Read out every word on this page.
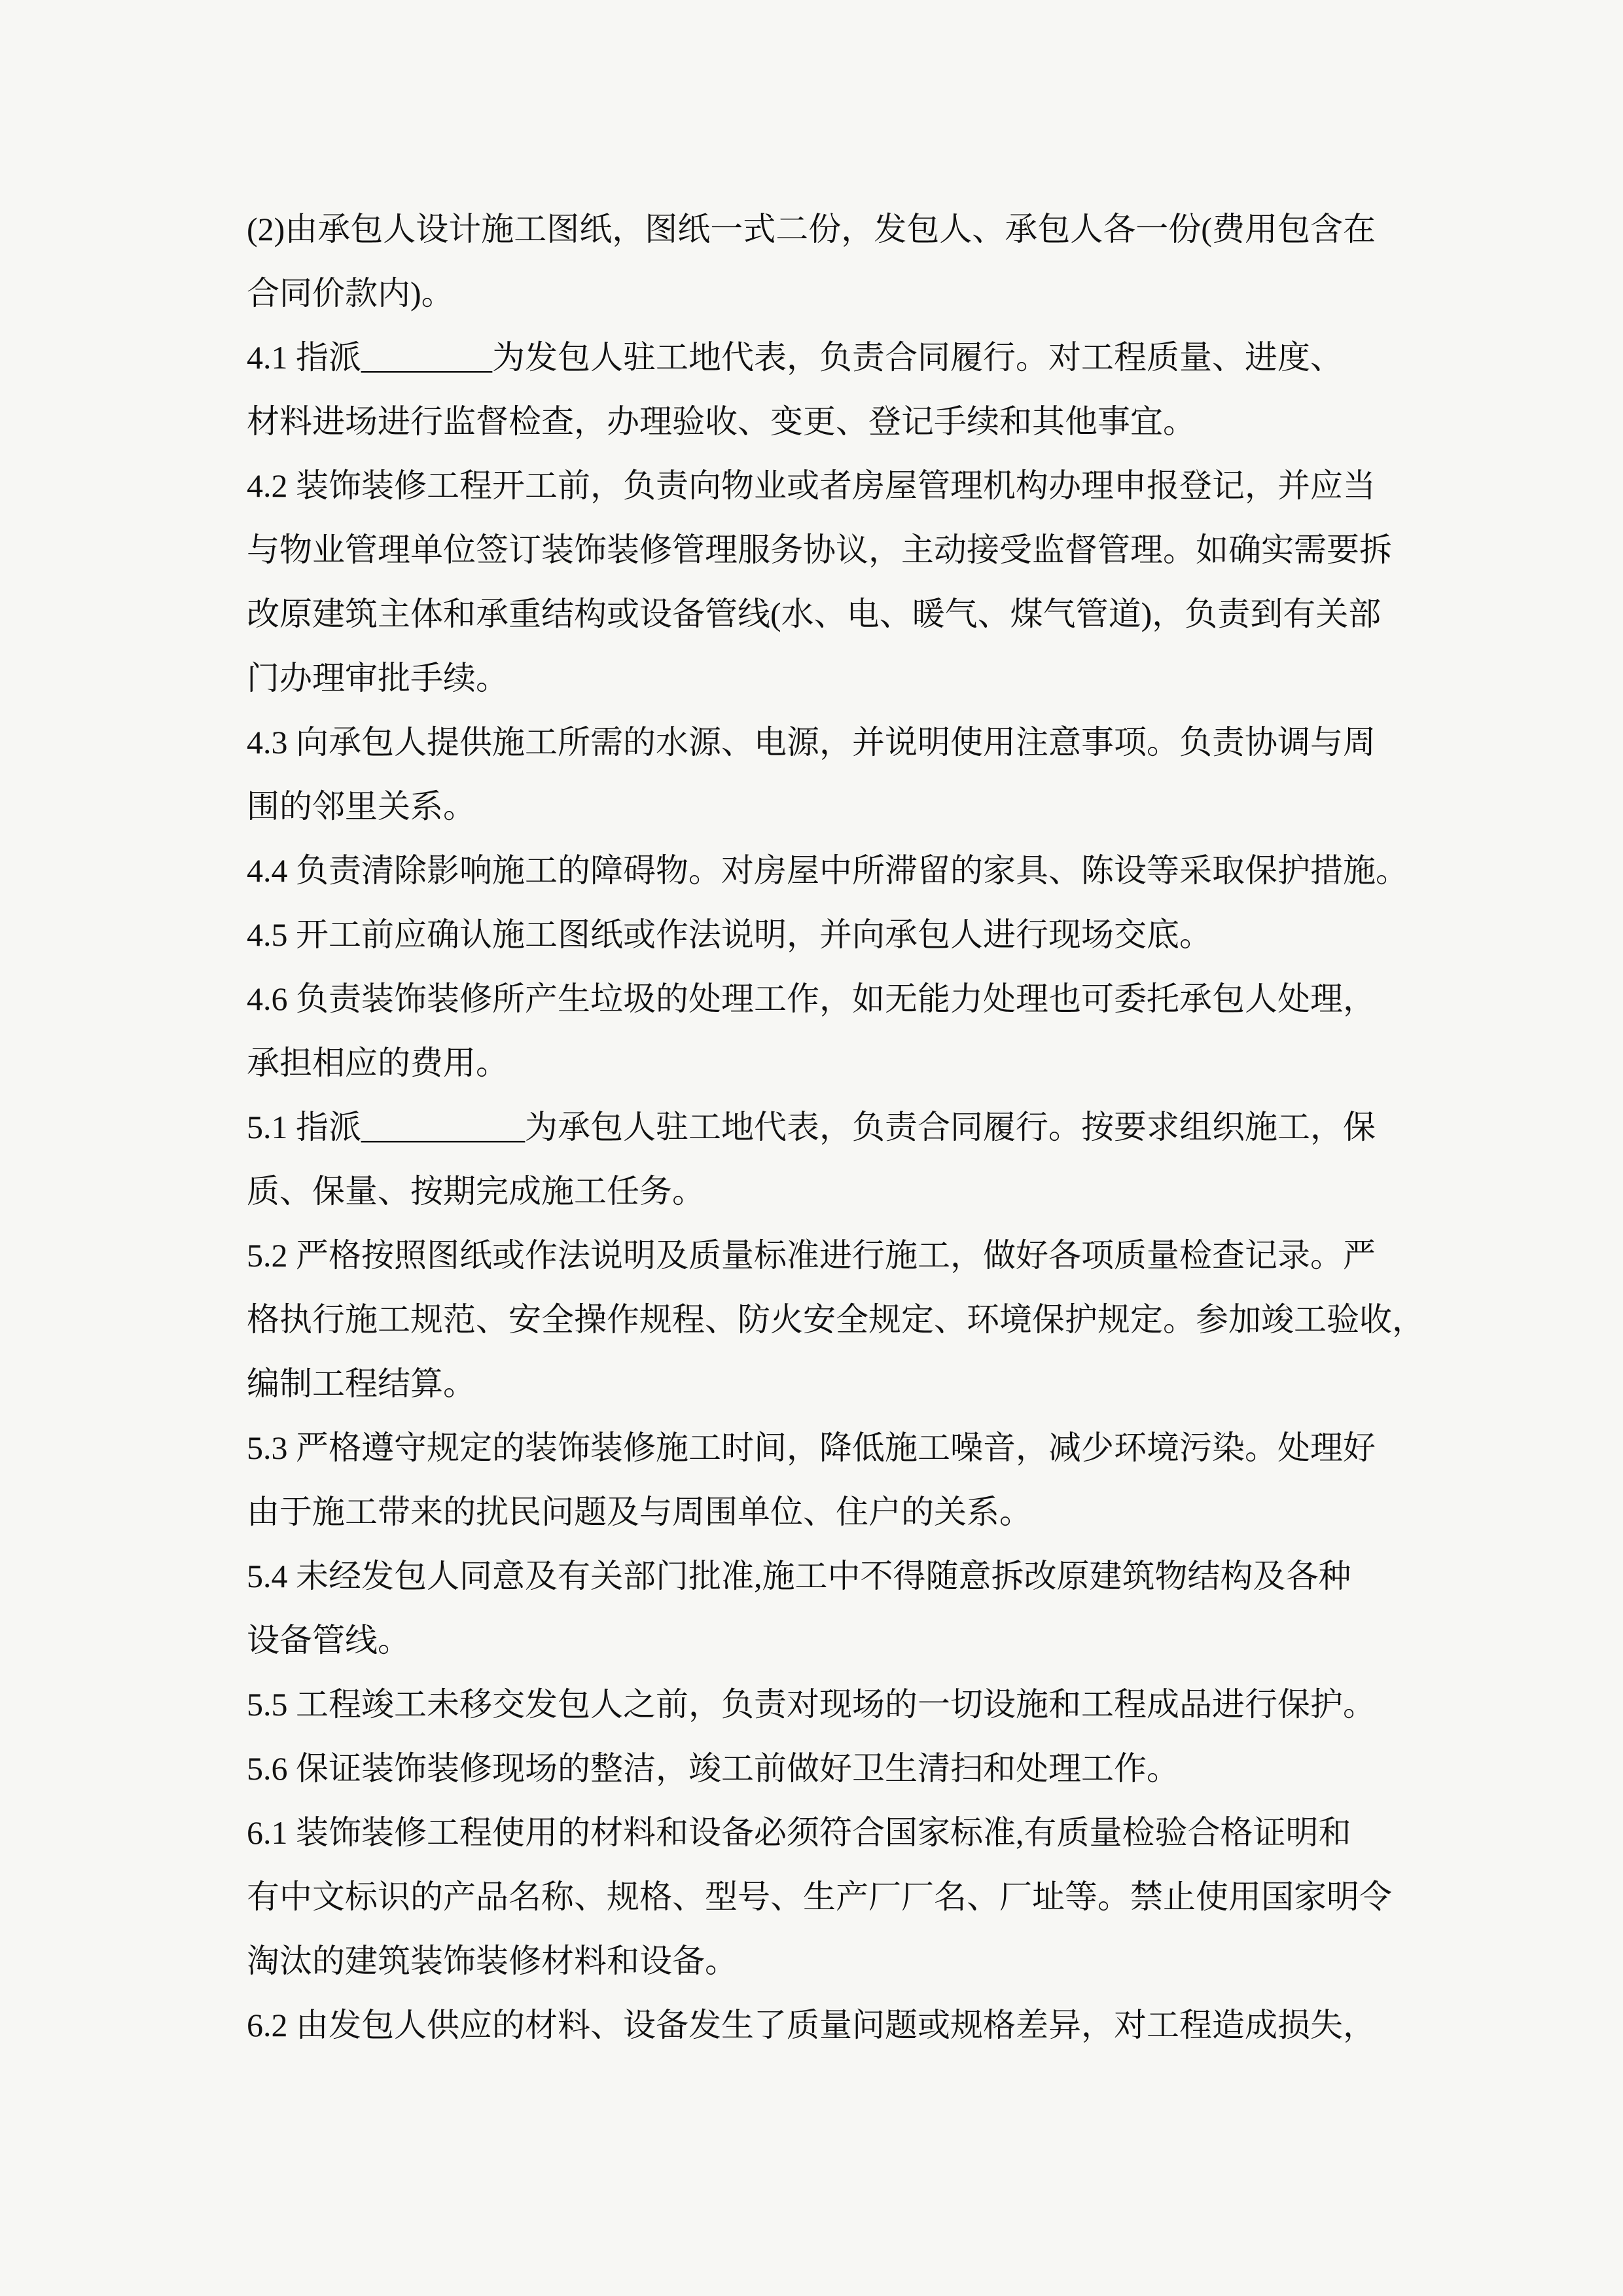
(2)由承包人设计施工图纸，图纸一式二份，发包人、承包人各一份(费用包含在
合同价款内)。
4.1 指派________为发包人驻工地代表，负责合同履行。对工程质量、进度、
材料进场进行监督检查，办理验收、变更、登记手续和其他事宜。
4.2 装饰装修工程开工前，负责向物业或者房屋管理机构办理申报登记，并应当
与物业管理单位签订装饰装修管理服务协议，主动接受监督管理。如确实需要拆
改原建筑主体和承重结构或设备管线(水、电、暖气、煤气管道)，负责到有关部
门办理审批手续。
4.3 向承包人提供施工所需的水源、电源，并说明使用注意事项。负责协调与周
围的邻里关系。
4.4 负责清除影响施工的障碍物。对房屋中所滞留的家具、陈设等采取保护措施。
4.5 开工前应确认施工图纸或作法说明，并向承包人进行现场交底。
4.6 负责装饰装修所产生垃圾的处理工作，如无能力处理也可委托承包人处理，
承担相应的费用。
5.1 指派__________为承包人驻工地代表，负责合同履行。按要求组织施工，保
质、保量、按期完成施工任务。
5.2 严格按照图纸或作法说明及质量标准进行施工，做好各项质量检查记录。严
格执行施工规范、安全操作规程、防火安全规定、环境保护规定。参加竣工验收，
编制工程结算。
5.3 严格遵守规定的装饰装修施工时间，降低施工噪音，减少环境污染。处理好
由于施工带来的扰民问题及与周围单位、住户的关系。
5.4 未经发包人同意及有关部门批准,施工中不得随意拆改原建筑物结构及各种
设备管线。
5.5 工程竣工未移交发包人之前，负责对现场的一切设施和工程成品进行保护。
5.6 保证装饰装修现场的整洁，竣工前做好卫生清扫和处理工作。
6.1 装饰装修工程使用的材料和设备必须符合国家标准,有质量检验合格证明和
有中文标识的产品名称、规格、型号、生产厂厂名、厂址等。禁止使用国家明令
淘汰的建筑装饰装修材料和设备。
6.2 由发包人供应的材料、设备发生了质量问题或规格差异，对工程造成损失，
